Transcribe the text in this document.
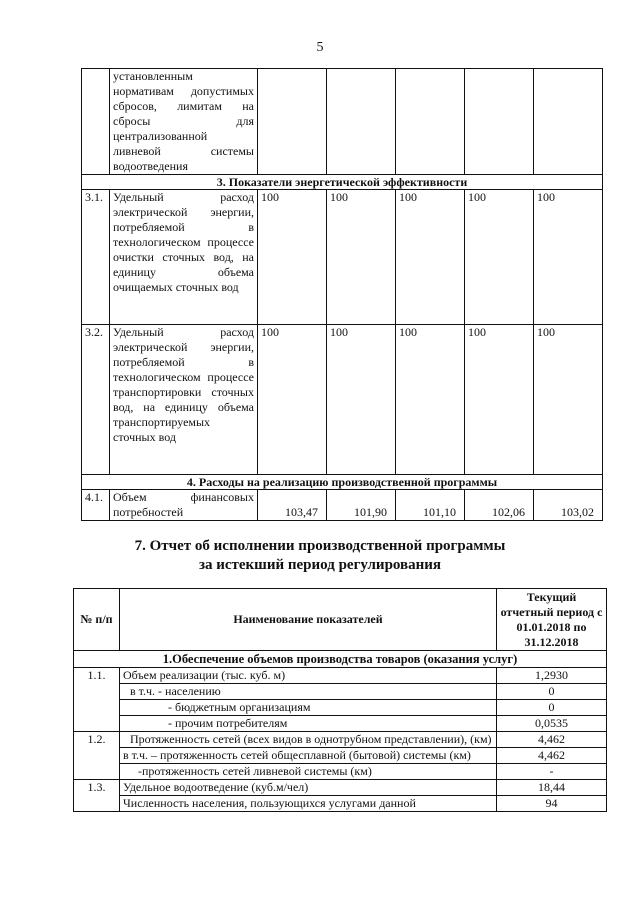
5
	установленным нормативам допустимых сбросов, лимитам на сбросы для централизованной ливневой системы водоотведения					
3. Показатели энергетической эффективности						
3.1.	Удельный расход электрической энергии, потребляемой в технологическом процессе очистки сточных вод, на единицу объема очищаемых сточных вод	100	100	100	100	100
3.2.	Удельный расход электрической энергии, потребляемой в технологическом процессе транспортировки сточных вод, на единицу объема транспортируемых сточных вод	100	100	100	100	100
4. Расходы на реализацию производственной программы						
4.1.	Объем финансовых потребностей	103,47	101,90	101,10	102,06	103,02
7. Отчет об исполнении производственной программы
за истекший период регулирования
№ п/п	Наименование показателей	Текущий отчетный период с 01.01.2018 по 31.12.2018
1.Обеспечение объемов производства товаров (оказания услуг)		
1.1.	Объем реализации (тыс. куб. м)	1,2930
	в т.ч. - населению	0
	- бюджетным организациям	0
	- прочим потребителям	0,0535
1.2.	Протяженность сетей (всех видов в однотрубном представлении), (км)	4,462
	в т.ч. – протяженность сетей общесплавной (бытовой) системы (км)	4,462
	-протяженность сетей ливневой системы (км)	-
1.3.	Удельное водоотведение (куб.м/чел)	18,44
	Численность населения, пользующихся услугами данной	94
